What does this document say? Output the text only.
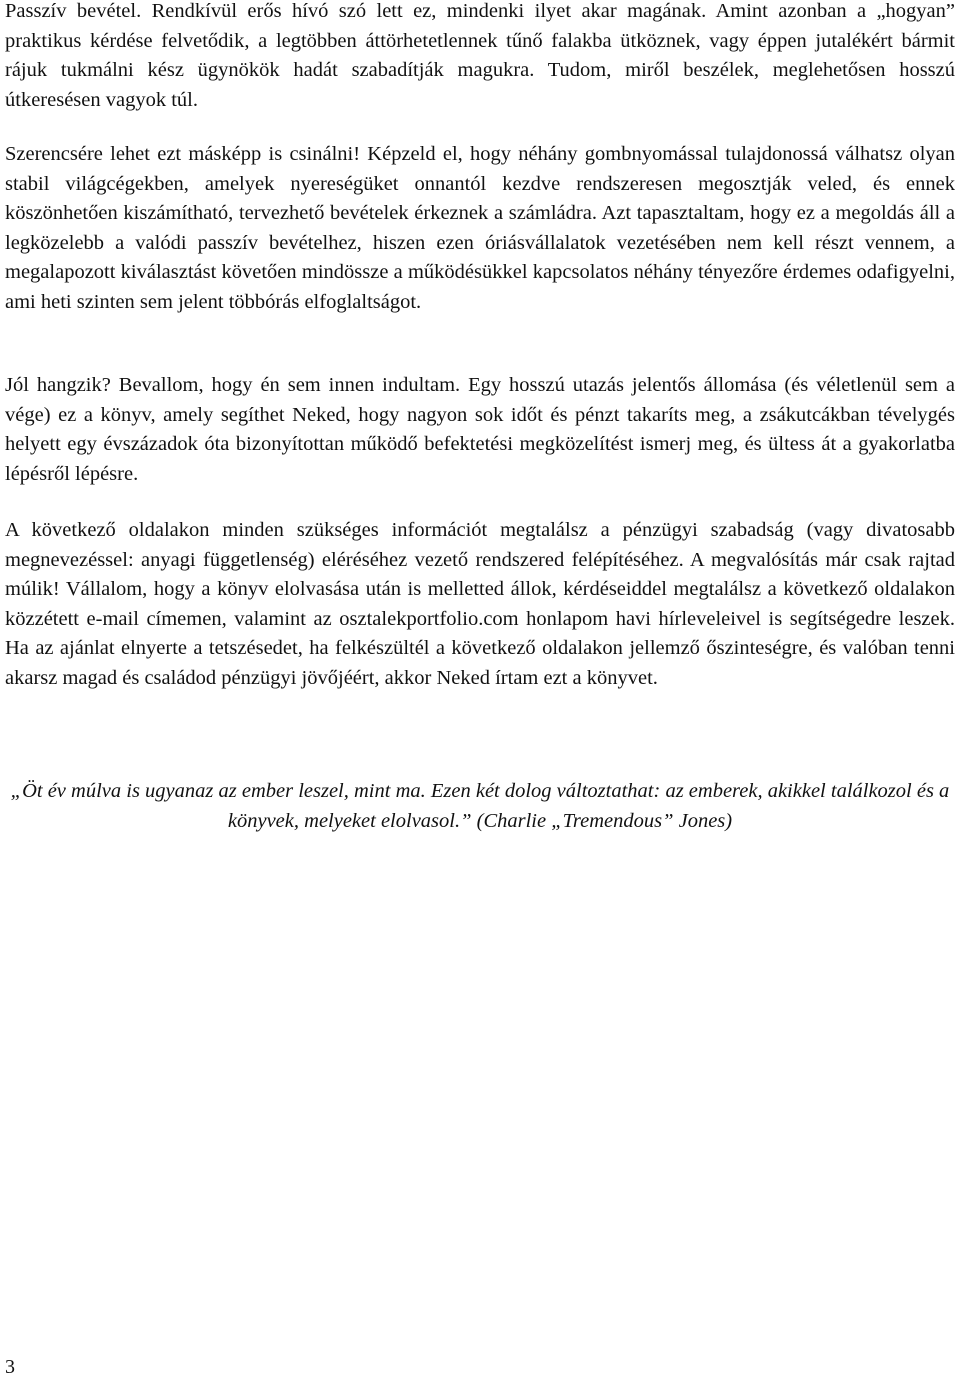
Passzív bevétel. Rendkívül erős hívó szó lett ez, mindenki ilyet akar magának. Amint azonban a „hogyan” praktikus kérdése felvetődik, a legtöbben áttörhetetlennek tűnő falakba ütköznek, vagy éppen jutalékért bármit rájuk tukmálni kész ügynökök hadát szabadítják magukra. Tudom, miről beszélek, meglehetősen hosszú útkeresésen vagyok túl.

Szerencsére lehet ezt másképp is csinálni! Képzeld el, hogy néhány gombnyomással tulajdonossá válhatsz olyan stabil világcégekben, amelyek nyereségüket onnantól kezdve rendszeresen megosztják veled, és ennek köszönhetően kiszámítható, tervezhető bevételek érkeznek a számládra. Azt tapasztaltam, hogy ez a megoldás áll a legközelebb a valódi passzív bevételhez, hiszen ezen óriásvállalatok vezetésében nem kell részt vennem, a megalapozott kiválasztást követően mindössze a működésükkel kapcsolatos néhány tényezőre érdemes odafigyelni, ami heti szinten sem jelent többórás elfoglaltságot.

Jól hangzik? Bevallom, hogy én sem innen indultam. Egy hosszú utazás jelentős állomása (és véletlenül sem a vége) ez a könyv, amely segíthet Neked, hogy nagyon sok időt és pénzt takaríts meg, a zsákutcákban tévelygés helyett egy évszázadok óta bizonyítottan működő befektetési megközelítést ismerj meg, és ültess át a gyakorlatba lépésről lépésre.

A következő oldalakon minden szükséges információt megtalálsz a pénzügyi szabadság (vagy divatosabb megnevezéssel: anyagi függetlenség) eléréséhez vezető rendszered felépítéséhez. A megvalósítás már csak rajtad múlik! Vállalom, hogy a könyv elolvasása után is melletted állok, kérdéseiddel megtalálsz a következő oldalakon közzétett e-mail címemen, valamint az osztalekportfolio.com honlapom havi hírleveleivel is segítségedre leszek. Ha az ajánlat elnyerte a tetszésedet, ha felkészültél a következő oldalakon jellemző őszinteségre, és valóban tenni akarsz magad és családod pénzügyi jövőjéért, akkor Neked írtam ezt a könyvet.

„Öt év múlva is ugyanaz az ember leszel, mint ma. Ezen két dolog változtathat: az emberek, akikkel találkozol és a könyvek, melyeket elolvasol.” (Charlie „Tremendous” Jones)

3
